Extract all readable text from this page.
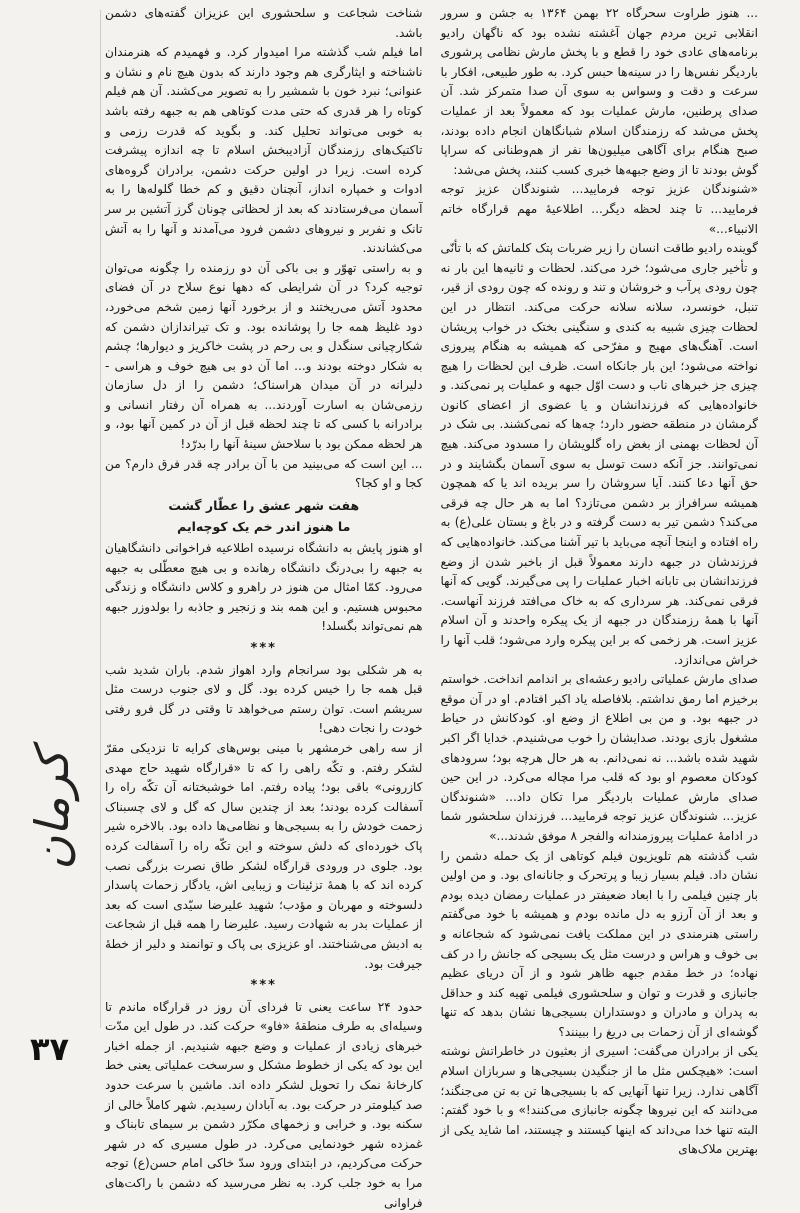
... هنوز طراوت سحرگاه ۲۲ بهمن ۱۳۶۴ به جشن و سرور انقلابی ترین مردم جهان آغشته نشده بود که ناگهان رادیو برنامه‌های عادی خود را قطع و با پخش مارش نظامی پرشوری باردیگر نفس‌ها را در سینه‌ها حبس کرد. به طور طبیعی، افکار با سرعت و دقت و وسواس به سوی آن صدا متمرکز شد. آن صدای پرطنین، مارش عملیات بود که معمولاً بعد از عملیات پخش می‌شد که رزمندگان اسلام شبانگاهان انجام داده بودند، صبح هنگام برای آگاهی میلیون‌ها نفر از هم‌وطنانی که سراپا گوش بودند تا از وضع جبهه‌ها خبری کسب کنند، پخش می‌شد:

«شنوندگان عزیز توجه فرمایید... شنوندگان عزیز توجه فرمایید... تا چند لحظه دیگر... اطلاعیهٔ مهم قرارگاه خاتم الانبیاء...»

گوینده رادیو طاقت انسان را زیر ضربات پتک کلماتش که با تأنّی و تأخیر جاری می‌شود؛ خرد می‌کند. لحظات و ثانیه‌ها این بار نه چون رودی پرآب و خروشان و تند و رونده که چون رودی از قیر، تنبل، خونسرد، سلانه سلانه حرکت می‌کند. انتظار در این لحظات چیزی شبیه به کندی و سنگینی بختک در خواب پریشان است. آهنگ‌های مهیج و مفرّحی که همیشه به هنگام پیروزی نواخته می‌شود؛ این بار جانکاه است. ظرف این لحظات را هیچ چیزی جز خبرهای ناب و دست اوّل جبهه و عملیات پر نمی‌کند. و خانواده‌هایی که فرزندانشان و یا عضوی از اعضای کانون گرمشان در منطقه حضور دارد؛ چه‌ها که نمی‌کشند. بی شک در آن لحظات بهمنی از بغض راه گلویشان را مسدود می‌کند. هیچ نمی‌توانند. جز آنکه دست توسل به سوی آسمان بگشایند و در حق آنها دعا کنند. آیا سروشان را سر بریده اند یا که همچون همیشه سرافراز بر دشمن می‌تازد؟ اما به هر حال چه فرقی می‌کند؟ دشمن تیر به دست گرفته و در باغ و بستان علی(ع) به راه افتاده و اینجا آنچه می‌باید با تیر آشنا می‌کند. خانواده‌هایی که فرزندشان در جبهه دارند معمولاً قبل از باخبر شدن از وضع فرزندانشان بی تابانه اخبار عملیات را پی می‌گیرند. گویی که آنها فرقی نمی‌کند. هر سرداری که به خاک می‌افتد فرزند آنهاست. آنها با همهٔ رزمندگان در جبهه از یک پیکره واحدند و آن اسلام عزیز است. هر زخمی که بر این پیکره وارد می‌شود؛ قلب آنها را خراش می‌اندازد.

صدای مارش عملیاتی رادیو رعشه‌ای بر اندامم انداخت. خواستم برخیزم اما رمق نداشتم. بلافاصله یاد اکبر افتادم. او در آن موقع در جبهه بود. و من بی اطلاع از وضع او. کودکانش در حیاط مشغول بازی بودند. صدایشان را خوب می‌شنیدم. خدایا اگر اکبر شهید شده باشد... نه نمی‌دانم. به هر حال هرچه بود؛ سرودهای کودکان معصوم او بود که قلب مرا مچاله می‌کرد. در این حین صدای مارش عملیات باردیگر مرا تکان داد... «شنوندگان عزیز... شنوندگان عزیز توجه فرمایید... فرزندان سلحشور شما در ادامهٔ عملیات پیروزمندانه والفجر ۸ موفق شدند...»

شب گذشته هم تلویزیون فیلم کوتاهی از یک حمله دشمن را نشان داد. فیلم بسیار زیبا و پرتحرک و جانانه‌ای بود. و من اولین بار چنین فیلمی را با ابعاد ضعیفتر در عملیات رمضان دیده بودم و بعد از آن آرزو به دل مانده بودم و همیشه با خود می‌گفتم راستی هنرمندی در این مملکت یافت نمی‌شود که شجاعانه و بی خوف و هراس و درست مثل یک بسیجی که جانش را در کف نهاده؛ در خط مقدم جبهه ظاهر شود و از آن دریای عظیم جانبازی و قدرت و توان و سلحشوری فیلمی تهیه کند و حداقل به پدران و مادران و دوستداران بسیجی‌ها نشان بدهد که تنها گوشه‌ای از آن زحمات بی دریغ را ببینند؟

یکی از برادران می‌گفت: اسیری از بعثیون در خاطراتش نوشته است: «هیچکس مثل ما از جنگیدن بسیجی‌ها و سربازان اسلام آگاهی ندارد. زیرا تنها آنهایی که با بسیجی‌ها تن به تن می‌جنگند؛ می‌دانند که این نیروها چگونه جانبازی می‌کنند!» و با خود گفتم: البته تنها خدا می‌داند که اینها کیستند و چیستند، اما شاید یکی از بهترین ملاک‌های

شناخت شجاعت و سلحشوری این عزیزان گفته‌های دشمن باشد.

اما فیلم شب گذشته مرا امیدوار کرد. و فهمیدم که هنرمندان ناشناخته و ایثارگری هم وجود دارند که بدون هیچ نام و نشان و عنوانی؛ نبرد خون با شمشیر را به تصویر می‌کشند. آن هم فیلم کوتاه را هر قدری که حتی مدت کوتاهی هم به جبهه رفته باشد به خوبی می‌تواند تحلیل کند. و بگوید که قدرت رزمی و تاکتیک‌های رزمندگان آزادیبخش اسلام تا چه اندازه پیشرفت کرده است. زیرا در اولین حرکت دشمن، برادران گروه‌های ادوات و خمپاره انداز، آنچنان دقیق و کم خطا گلوله‌ها را به آسمان می‌فرستادند که بعد از لحظاتی چونان گرز آتشین بر سر تانک و نفربر و نیروهای دشمن فرود می‌آمدند و آنها را به آتش می‌کشاندند.

و به راستی تهوّر و بی باکی آن دو رزمنده را چگونه می‌توان توجیه کرد؟ در آن شرایطی که دهها نوع سلاح در آن فضای محدود آتش می‌ریختند و از برخورد آنها زمین شخم می‌خورد، دود غلیظ همه جا را پوشانده بود. و تک تیراندازان دشمن که شکارچیانی سنگدل و بی رحم در پشت خاکریز و دیوارها؛ چشم به شکار دوخته بودند و... اما آن دو بی هیچ خوف و هراسی - دلیرانه در آن میدان هراسناک؛ دشمن را از دل سازمان رزمی‌شان به اسارت آوردند... به همراه آن رفتار انسانی و برادرانه با کسی که تا چند لحظه قبل از آن در کمین آنها بود، و هر لحظه ممکن بود با سلاحش سینهٔ آنها را بدرّد!

... این است که می‌بینید من با آن برادر چه قدر فرق دارم؟ من کجا و او کجا؟

هفت شهر عشق را عطّار گشت

ما هنوز اندر خم یک کوچه‌ایم

او هنوز پایش به دانشگاه نرسیده اطلاعیه فراخوانی دانشگاهیان به جبهه را بی‌درنگ دانشگاه رهانده و بی هیچ معطّلی به جبهه می‌رود. کمّا امثال من هنوز در راهرو و کلاس دانشگاه و زندگی محبوس هستیم. و این همه بند و زنجیر و جاذبه را بولدوزر جبهه هم نمی‌تواند بگسلد!

***

به هر شکلی بود سرانجام وارد اهواز شدم. باران شدید شب قبل همه جا را خیس کرده بود. گل و لای جنوب درست مثل سریشم است. توان رستم می‌خواهد تا وقتی در گل فرو رفتی خودت را نجات دهی!

از سه راهی خرمشهر با مینی بوس‌های کرایه تا نزدیکی مقرّ لشکر رفتم. و تکّه راهی را که تا «قرارگاه شهید حاج مهدی کازرونی» باقی بود؛ پیاده رفتم. اما خوشبختانه آن تکّه راه را آسفالت کرده بودند؛ بعد از چندین سال که گل و لای چسبناک زحمت خودش را به بسیجی‌ها و نظامی‌ها داده بود. بالاخره شیر پاک خورده‌ای که دلش سوخته و این تکّه راه را آسفالت کرده بود. جلوی در ورودی قرارگاه لشکر طاق نصرت بزرگی نصب کرده اند که با همهٔ تزئینات و زیبایی اش، یادگار زحمات پاسدار دلسوخته و مهربان و مؤدب؛ شهید علیرضا سیّدی است که بعد از عملیات بدر به شهادت رسید. علیرضا را همه قبل از شجاعت به ادبش می‌شناختند. او عزیزی بی پاک و توانمند و دلیر از خطهٔ جیرفت بود.

***

حدود ۲۴ ساعت یعنی تا فردای آن روز در قرارگاه ماندم تا وسیله‌ای به طرف منطقهٔ «فاو» حرکت کند. در طول این مدّت خبرهای زیادی از عملیات و وضع جبهه شنیدیم. از جمله اخبار این بود که یکی از خطوط مشکل و سرسخت عملیاتی یعنی خط کارخانهٔ نمک را تحویل لشکر داده اند. ماشین با سرعت حدود صد کیلومتر در حرکت بود. به آبادان رسیدیم. شهر کاملاً خالی از سکنه بود. و خرابی و زخمهای مکرّر دشمن بر سیمای تابناک و غمزده شهر خودنمایی می‌کرد. در طول مسیری که در شهر حرکت می‌کردیم، در ابتدای ورود سدّ خاکی امام حسن(ع) توجه مرا به خود جلب کرد. به نظر می‌رسید که دشمن با راکت‌های فراوانی

کرمان
۳۷
